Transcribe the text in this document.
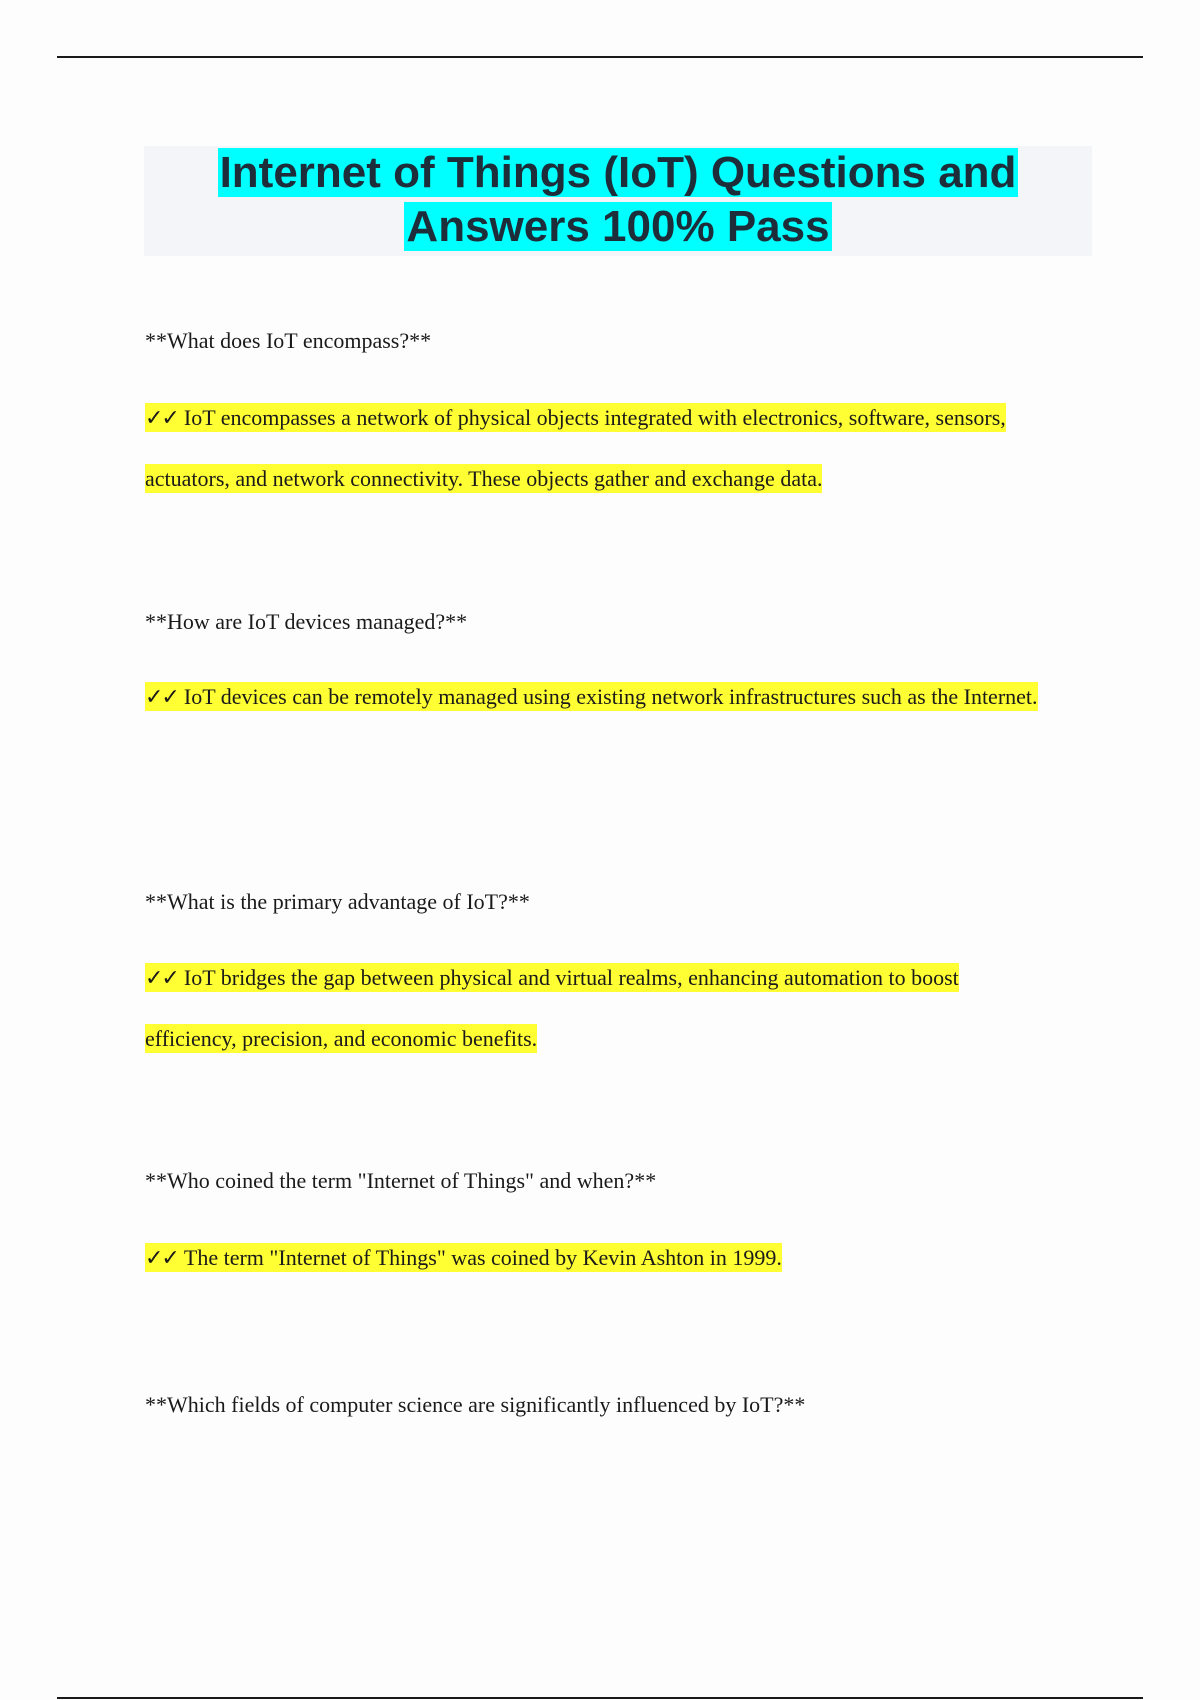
Internet of Things (IoT) Questions and
Answers 100% Pass
**What does IoT encompass?**
✓✓ IoT encompasses a network of physical objects integrated with electronics, software, sensors, actuators, and network connectivity. These objects gather and exchange data.
**How are IoT devices managed?**
✓✓ IoT devices can be remotely managed using existing network infrastructures such as the Internet.
**What is the primary advantage of IoT?**
✓✓ IoT bridges the gap between physical and virtual realms, enhancing automation to boost efficiency, precision, and economic benefits.
**Who coined the term "Internet of Things" and when?**
✓✓ The term "Internet of Things" was coined by Kevin Ashton in 1999.
**Which fields of computer science are significantly influenced by IoT?**
